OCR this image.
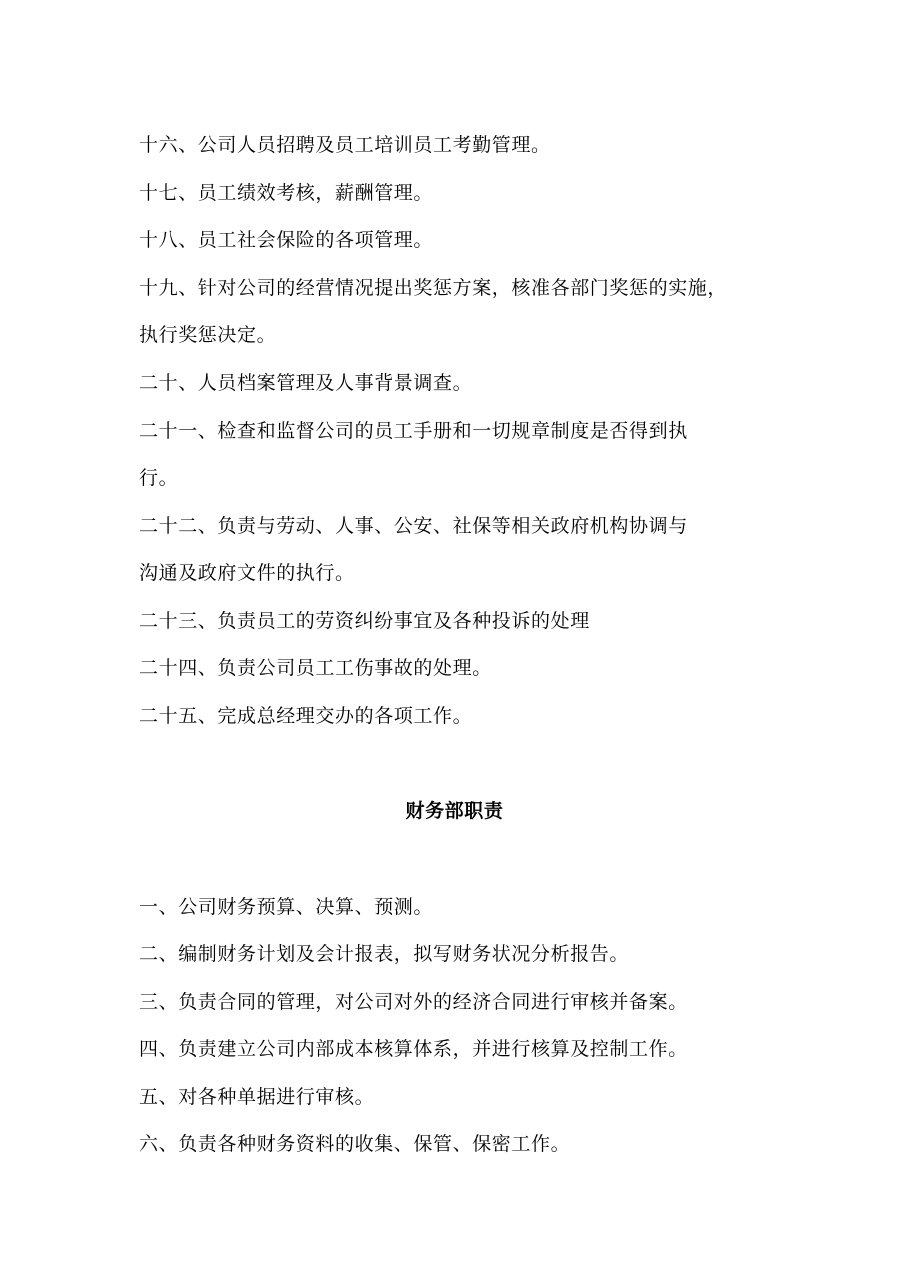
十六、公司人员招聘及员工培训员工考勤管理。
十七、员工绩效考核，薪酬管理。
十八、员工社会保险的各项管理。
十九、针对公司的经营情况提出奖惩方案，核准各部门奖惩的实施，
执行奖惩决定。
二十、人员档案管理及人事背景调查。
二十一、检查和监督公司的员工手册和一切规章制度是否得到执
行。
二十二、负责与劳动、人事、公安、社保等相关政府机构协调与
沟通及政府文件的执行。
二十三、负责员工的劳资纠纷事宜及各种投诉的处理
二十四、负责公司员工工伤事故的处理。
二十五、完成总经理交办的各项工作。
财务部职责
一、公司财务预算、决算、预测。
二、编制财务计划及会计报表，拟写财务状况分析报告。
三、负责合同的管理，对公司对外的经济合同进行审核并备案。
四、负责建立公司内部成本核算体系，并进行核算及控制工作。
五、对各种单据进行审核。
六、负责各种财务资料的收集、保管、保密工作。
